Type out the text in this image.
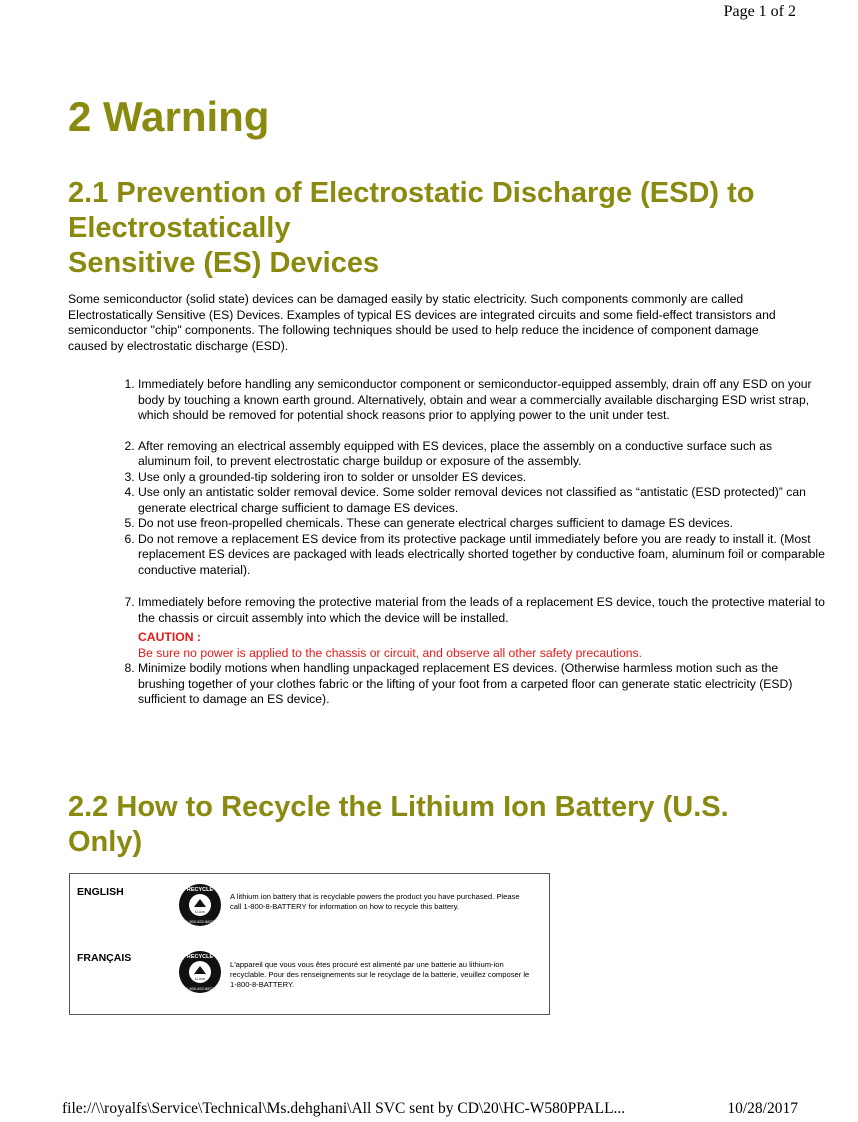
Page 1 of 2
2 Warning
2.1 Prevention of Electrostatic Discharge (ESD) to
Electrostatically
Sensitive (ES) Devices

Some semiconductor (solid state) devices can be damaged easily by static electricity. Such components commonly are called Electrostatically Sensitive (ES) Devices. Examples of typical ES devices are integrated circuits and some field-effect transistors and semiconductor "chip" components. The following techniques should be used to help reduce the incidence of component damage caused by electrostatic discharge (ESD).

1. Immediately before handling any semiconductor component or semiconductor-equipped assembly, drain off any ESD on your body by touching a known earth ground. Alternatively, obtain and wear a commercially available discharging ESD wrist strap, which should be removed for potential shock reasons prior to applying power to the unit under test.
2. After removing an electrical assembly equipped with ES devices, place the assembly on a conductive surface such as aluminum foil, to prevent electrostatic charge buildup or exposure of the assembly.
3. Use only a grounded-tip soldering iron to solder or unsolder ES devices.
4. Use only an antistatic solder removal device. Some solder removal devices not classified as “antistatic (ESD protected)” can generate electrical charge sufficient to damage ES devices.
5. Do not use freon-propelled chemicals. These can generate electrical charges sufficient to damage ES devices.
6. Do not remove a replacement ES device from its protective package until immediately before you are ready to install it. (Most replacement ES devices are packaged with leads electrically shorted together by conductive foam, aluminum foil or comparable conductive material).
7. Immediately before removing the protective material from the leads of a replacement ES device, touch the protective material to the chassis or circuit assembly into which the device will be installed.
CAUTION :
Be sure no power is applied to the chassis or circuit, and observe all other safety precautions.
8. Minimize bodily motions when handling unpackaged replacement ES devices. (Otherwise harmless motion such as the brushing together of your clothes fabric or the lifting of your foot from a carpeted floor can generate static electricity (ESD) sufficient to damage an ES device).
2.2 How to Recycle the Lithium Ion Battery (U.S.
Only)
ENGLISH	RECYCLE
Li-ion
1.800.822.8837
A lithium ion battery that is recyclable powers the product you have purchased. Please call 1-800-8-BATTERY for information on how to recycle this battery.
FRANÇAIS	RECYCLE
Li-ion
1.800.822.8837
L'appareil que vous vous êtes procuré est alimenté par une batterie au lithium-ion recyclable. Pour des renseignements sur le recyclage de la batterie, veuillez composer le 1-800-8-BATTERY.
file://\\royalfs\Service\Technical\Ms.dehghani\All SVC sent by CD\20\HC-W580PPALL...	10/28/2017
